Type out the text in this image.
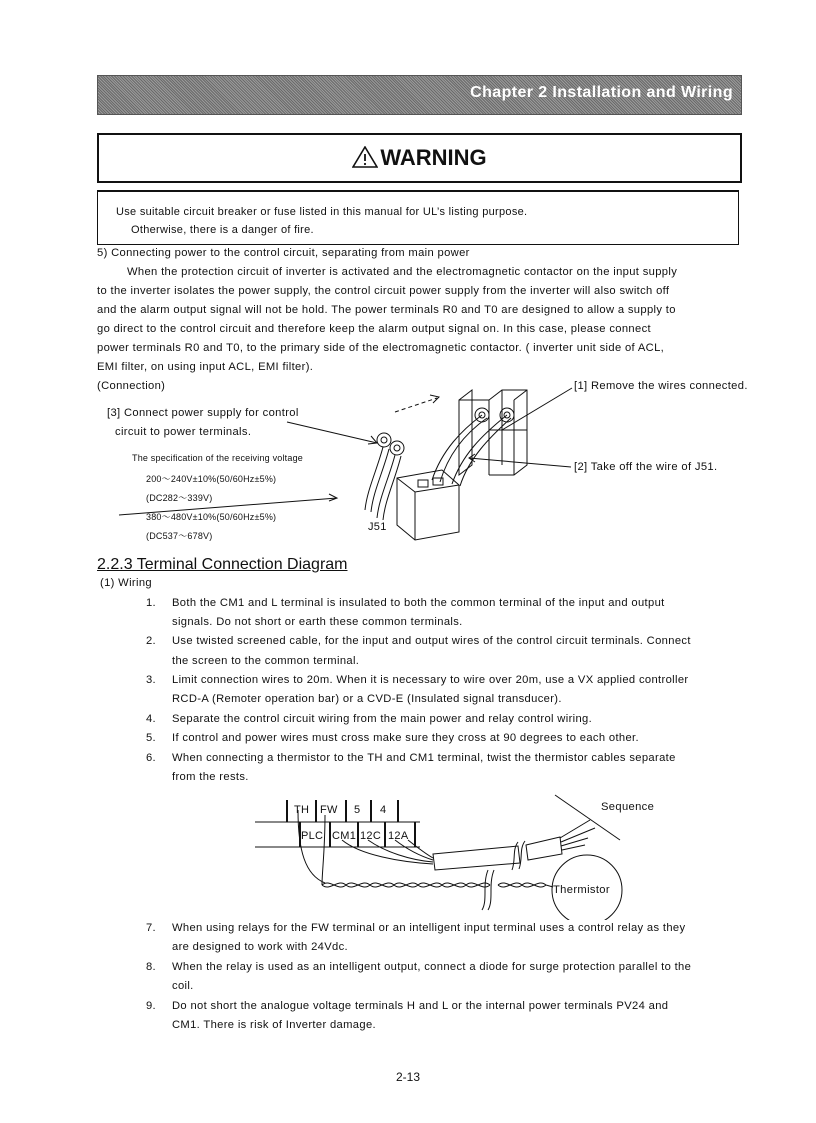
Chapter 2 Installation and Wiring
WARNING
Use suitable circuit breaker or fuse listed in this manual for UL’s listing purpose.
Otherwise, there is a danger of fire.
5) Connecting power to the control circuit, separating from main power
When the protection circuit of inverter is activated and the electromagnetic contactor on the input supply
to the inverter isolates the power supply, the control circuit power supply from the inverter will also switch off
and the alarm output signal will not be hold. The power terminals R0 and T0 are designed to allow a supply to
go direct to the control circuit and therefore keep the alarm output signal on. In this case, please connect
power terminals R0 and T0, to the primary side of the electromagnetic contactor. ( inverter unit side of ACL,
EMI filter, on using input ACL, EMI filter).
(Connection)	[1] Remove the wires connected.
[3] Connect power supply for control
circuit to power terminals.
The specification of the receiving voltage
200～240V±10%(50/60Hz±5%)
(DC282～339V)
380～480V±10%(50/60Hz±5%)
(DC537～678V)
[2] Take off the wire of J51.
J51
2.2.3 Terminal Connection Diagram
(1) Wiring
1. Both the CM1 and L terminal is insulated to both the common terminal of the input and output
signals. Do not short or earth these common terminals.
2. Use twisted screened cable, for the input and output wires of the control circuit terminals. Connect
the screen to the common terminal.
3. Limit connection wires to 20m. When it is necessary to wire over 20m, use a VX applied controller
RCD-A (Remoter operation bar) or a CVD-E (Insulated signal transducer).
4. Separate the control circuit wiring from the main power and relay control wiring.
5. If control and power wires must cross make sure they cross at 90 degrees to each other.
6. When connecting a thermistor to the TH and CM1 terminal, twist the thermistor cables separate
from the rests.
TH FW 5 4
PLC CM1 12C 12A
Sequence
Thermistor
7. When using relays for the FW terminal or an intelligent input terminal uses a control relay as they
are designed to work with 24Vdc.
8. When the relay is used as an intelligent output, connect a diode for surge protection parallel to the
coil.
9. Do not short the analogue voltage terminals H and L or the internal power terminals PV24 and
CM1. There is risk of Inverter damage.
2-13
